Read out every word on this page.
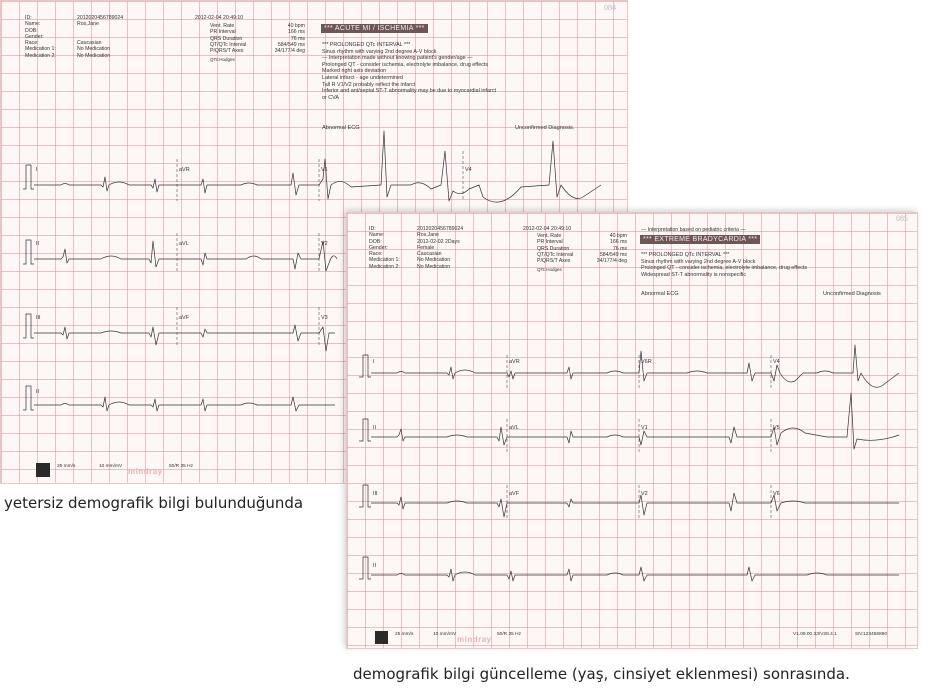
084
ID:	201202045678902​4
Name:	Ros,Jane
DOB:
Gender:
Race:	Caucasian
Medication 1:	No Medication
Medication 2:	No Medication
2012-02-04 20:49:10
Vent. Rate	40 bpm
PR Interval	166 ms
QRS Duration	76 ms
QT/QTc Interval	584/549 ms
P/QRS/T Axes	34/177/4 deg
QTc:Hodges
*** ACUTE MI / ISCHEMIA ***
*** PROLONGED QTc INTERVAL ***
Sinus rhythm with varying 2nd degree A-V block
— Interpretation made without knowing patient's gender/age —
Prolonged QT - consider ischemia, electrolyte imbalance, drug effects
Marked right axis deviation
Lateral infarct - age undetermined
Tall R V1/V2 probably reflect the infarct
Inferior and ant/septal ST-T abnormality may be due to myocardial infarct
or CVA
Abnormal ECG	Unconfirmed Diagnosis.
I	aVR	V1	V4
II	aVL	V2
III	aVF	V3
II
25 mm/s	10 mm/mV	50/R 35 Hz
mindray
085
ID:	201202045678902​4
Name:	Ros,Jane
DOB:	2012-02-02 2Days
Gender:	Female
Race:	Caucasian
Medication 1:	No Medication
Medication 2:	No Medication
2012-02-04 20:49:10
Vent. Rate	40 bpm
PR Interval	166 ms
QRS Duration	76 ms
QT/QTc Interval	584/549 ms
P/QRS/T Axes	34/177/4 deg
QTc:Hodges
— Interpretation based on pediatric criteria —
*** EXTREME BRADYCARDIA ***
*** PROLONGED QTc INTERVAL ***
Sinus rhythm with varying 2nd degree A-V block
Prolonged QT - consider ischemia, electrolyte imbalance, drug effects
Widespread ST-T abnormality is nonspecific
Abnormal ECG	Unconfirmed Diagnosis
I	aVR	V6R	V4
II	aVL	V1	V5
III	aVF	V2	V6
II
25 mm/s	10 mm/mV	50/R 35 Hz
mindray
V1.09.00.33/V28.4.1	SN:123456890
yetersiz demografik bilgi bulunduğunda
demografik bilgi güncelleme (yaş, cinsiyet eklenmesi) sonrasında.
